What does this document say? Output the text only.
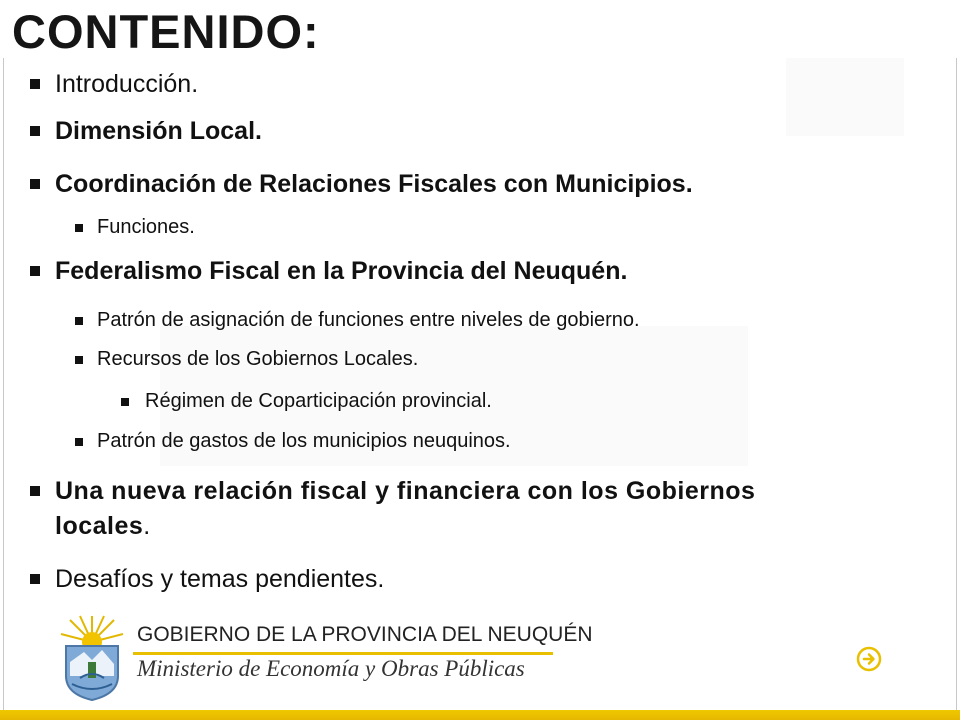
CONTENIDO:
Introducción.
Dimensión Local.
Coordinación de Relaciones Fiscales con Municipios.
Funciones.
Federalismo Fiscal en la Provincia del Neuquén.
Patrón de asignación de funciones entre niveles de gobierno.
Recursos de los Gobiernos Locales.
Régimen de Coparticipación provincial.
Patrón de gastos de los municipios neuquinos.
Una nueva relación fiscal y financiera con los Gobiernos
locales.
Desafíos y temas pendientes.
GOBIERNO DE LA PROVINCIA DEL NEUQUÉN
Ministerio de Economía y Obras Públicas
